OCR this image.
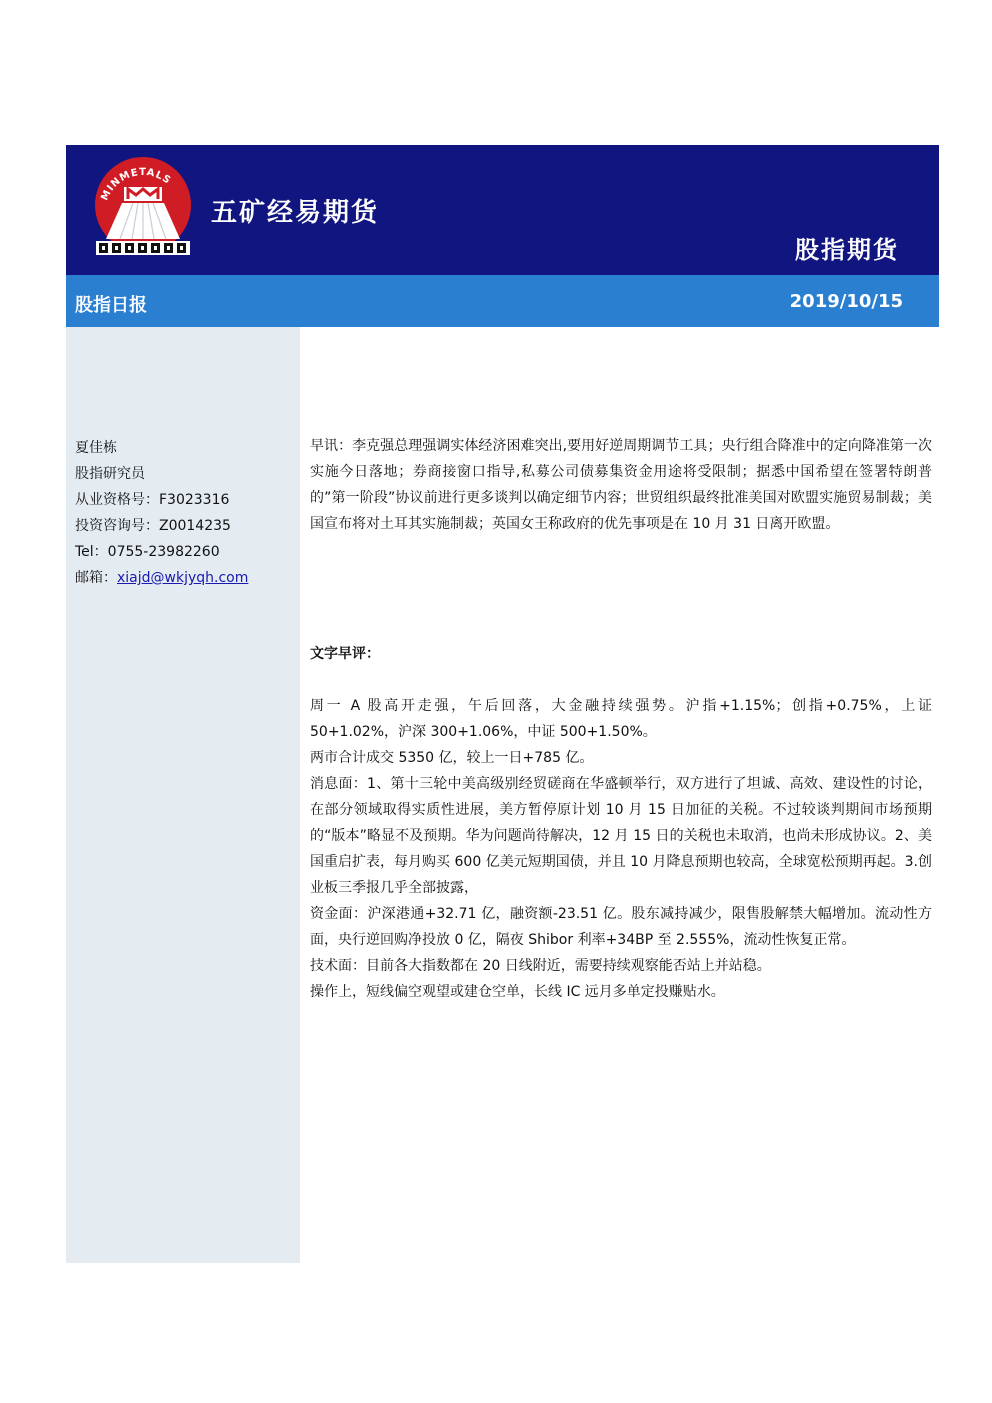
MINMETALS
五矿经易期货
股指期货
股指日报	2019/10/15
夏佳栋
股指研究员
从业资格号：F3023316
投资咨询号：Z0014235
Tel：0755-23982260
邮箱：xiajd@wkjyqh.com

早讯：李克强总理强调实体经济困难突出,要用好逆周期调节工具；央行组合降准中的定向降准第一次实施今日落地；券商接窗口指导,私募公司债募集资金用途将受限制；据悉中国希望在签署特朗普的”第一阶段”协议前进行更多谈判以确定细节内容；世贸组织最终批准美国对欧盟实施贸易制裁；美国宣布将对土耳其实施制裁；英国女王称政府的优先事项是在 10 月 31 日离开欧盟。

文字早评：

周一 A 股高开走强，午后回落，大金融持续强势。沪指+1.15%；创指+0.75%，上证 50+1.02%，沪深 300+1.06%，中证 500+1.50%。

两市合计成交 5350 亿，较上一日+785 亿。

消息面：1、第十三轮中美高级别经贸磋商在华盛顿举行，双方进行了坦诚、高效、建设性的讨论，在部分领域取得实质性进展，美方暂停原计划 10 月 15 日加征的关税。不过较谈判期间市场预期的“版本”略显不及预期。华为问题尚待解决，12 月 15 日的关税也未取消，也尚未形成协议。2、美国重启扩表，每月购买 600 亿美元短期国债，并且 10 月降息预期也较高，全球宽松预期再起。3.创业板三季报几乎全部披露，

资金面：沪深港通+32.71 亿，融资额-23.51 亿。股东减持减少，限售股解禁大幅增加。流动性方面，央行逆回购净投放 0 亿，隔夜 Shibor 利率+34BP 至 2.555%，流动性恢复正常。

技术面：目前各大指数都在 20 日线附近，需要持续观察能否站上并站稳。

操作上，短线偏空观望或建仓空单，长线 IC 远月多单定投赚贴水。
